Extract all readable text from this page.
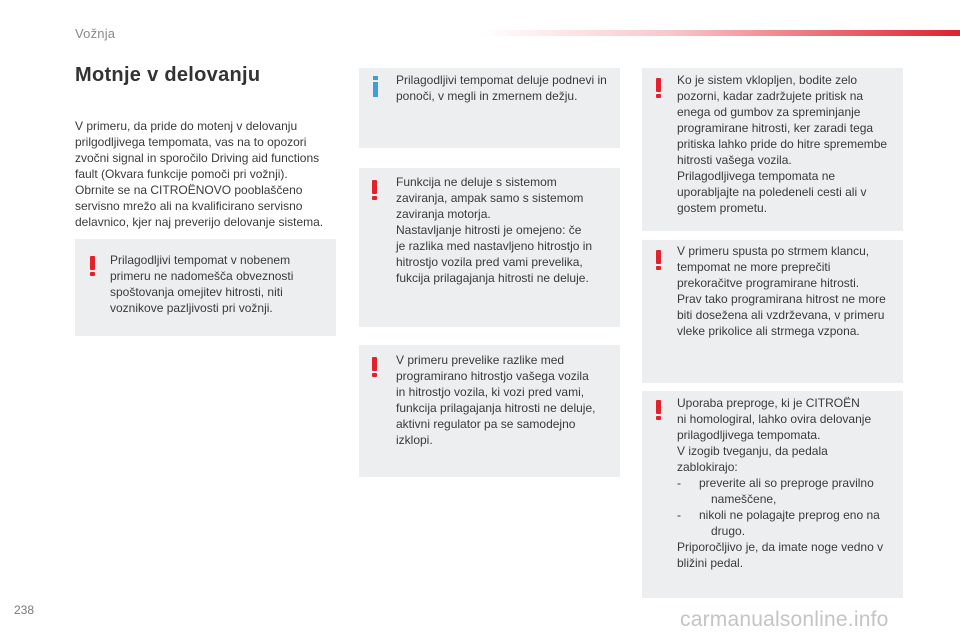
Vožnja
Motnje v delovanju

V primeru, da pride do motenj v delovanju

prilgodljivega tempomata, vas na to opozori

zvočni signal in sporočilo Driving aid functions

fault (Okvara funkcije pomoči pri vožnji).

Obrnite se na CITROËNOVO pooblaščeno

servisno mrežo ali na kvalificirano servisno

delavnico, kjer naj preverijo delovanje sistema.

Prilagodljivi tempomat v nobenem

primeru ne nadomešča obveznosti

spoštovanja omejitev hitrosti, niti

voznikove pazljivosti pri vožnji.

Prilagodljivi tempomat deluje podnevi in

ponoči, v megli in zmernem dežju.

Funkcija ne deluje s sistemom

zaviranja, ampak samo s sistemom

zaviranja motorja.

Nastavljanje hitrosti je omejeno: če

je razlika med nastavljeno hitrostjo in

hitrostjo vozila pred vami prevelika,

fukcija prilagajanja hitrosti ne deluje.

V primeru prevelike razlike med

programirano hitrostjo vašega vozila

in hitrostjo vozila, ki vozi pred vami,

funkcija prilagajanja hitrosti ne deluje,

aktivni regulator pa se samodejno

izklopi.

Ko je sistem vklopljen, bodite zelo

pozorni, kadar zadržujete pritisk na

enega od gumbov za spreminjanje

programirane hitrosti, ker zaradi tega

pritiska lahko pride do hitre spremembe

hitrosti vašega vozila.

Prilagodljivega tempomata ne

uporabljajte na poledeneli cesti ali v

gostem prometu.

V primeru spusta po strmem klancu,

tempomat ne more preprečiti

prekoračitve programirane hitrosti.

Prav tako programirana hitrost ne more

biti dosežena ali vzdrževana, v primeru

vleke prikolice ali strmega vzpona.

Uporaba preproge, ki je CITROËN

ni homologiral, lahko ovira delovanje

prilagodljivega tempomata.

V izogib tveganju, da pedala

zablokirajo:

-	preverite ali so preproge pravilno

nameščene,

-	nikoli ne polagajte preprog eno na

drugo.

Priporočljivo je, da imate noge vedno v

bližini pedal.

238	carmanualsonline.info
